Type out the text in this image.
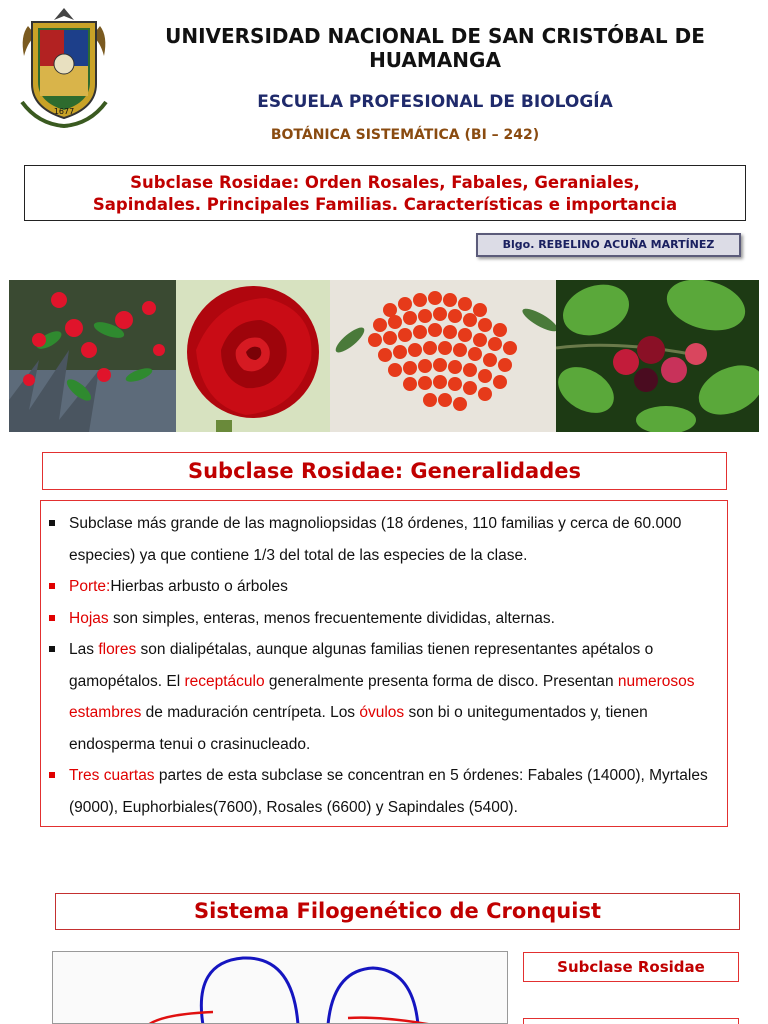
1677
UNIVERSIDAD NACIONAL DE SAN CRISTÓBAL DE HUAMANGA
ESCUELA PROFESIONAL DE BIOLOGÍA
BOTÁNICA SISTEMÁTICA (BI – 242)
Subclase Rosidae: Orden Rosales, Fabales, Geraniales,
Sapindales. Principales Familias. Características e importancia
Blgo. REBELINO ACUÑA MARTÍNEZ
Subclase Rosidae: Generalidades
Subclase más grande de las magnoliopsidas (18 órdenes, 110 familias y cerca de 60.000 especies) ya que contiene 1/3 del total de las especies de la clase.
Porte:Hierbas arbusto o árboles
Hojas son simples, enteras, menos frecuentemente divididas, alternas.
Las flores son dialipétalas, aunque algunas familias tienen representantes apétalos o gamopétalos. El receptáculo generalmente presenta forma de disco. Presentan numerosos estambres de maduración centrípeta. Los óvulos son bi o unitegumentados y, tienen endosperma tenui o crasinucleado.
Tres cuartas partes de esta subclase se concentran en 5 órdenes: Fabales (14000), Myrtales (9000), Euphorbiales(7600), Rosales (6600) y Sapindales (5400).
Sistema Filogenético de Cronquist
Subclase Rosidae
